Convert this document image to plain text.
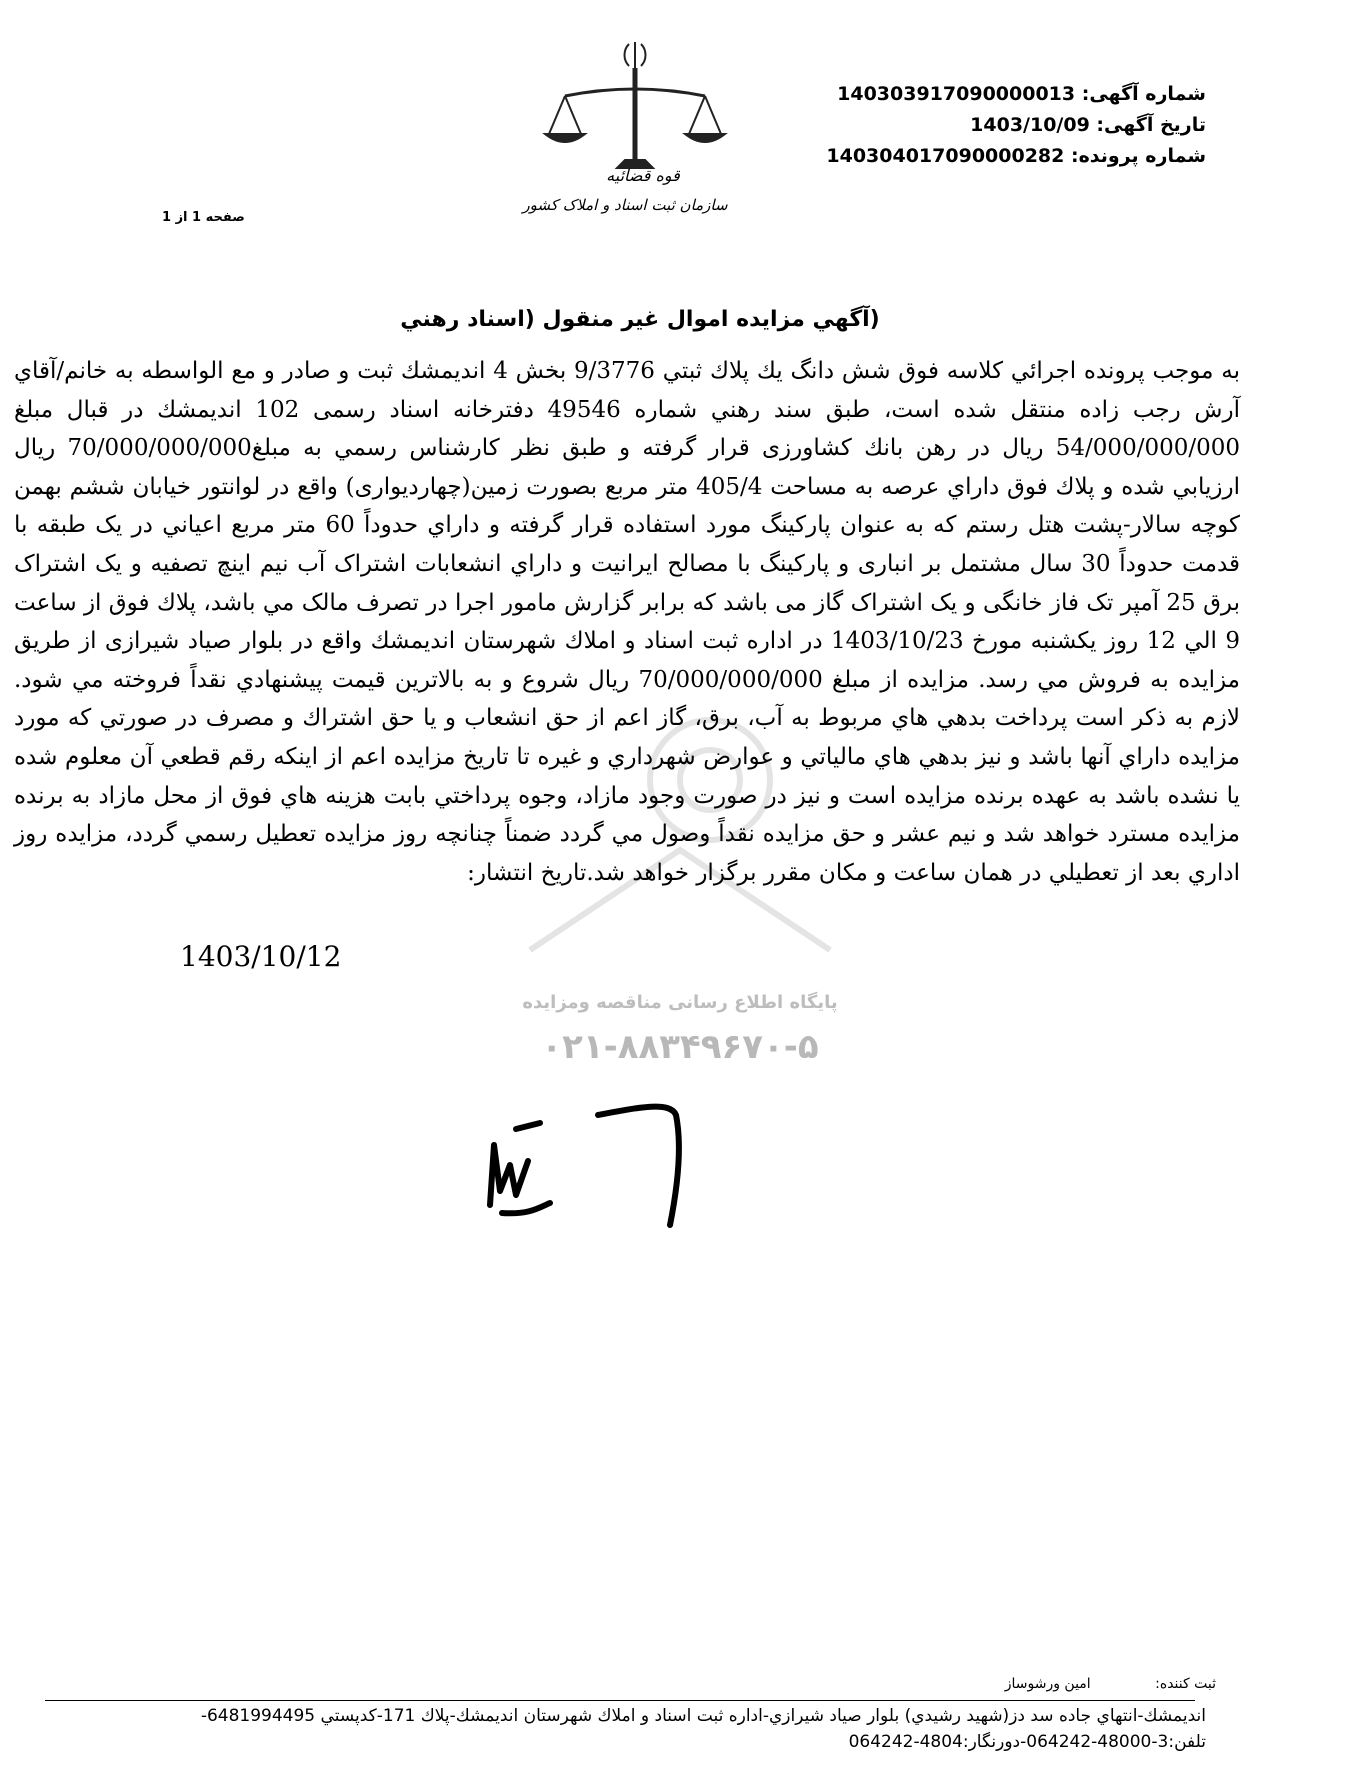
شماره آگهی: 140303917090000013
تاریخ آگهی: 1403/10/09
شماره پرونده: 140304017090000282
قوه قضائیه
سازمان ثبت اسناد و املاک کشور
صفحه 1 از 1
(آگهي مزايده اموال غير منقول (اسناد رهني
پایگاه اطلاع رسانی مناقصه ومزایده
۰۲۱-۸۸۳۴۹۶۷۰-۵
به موجب پرونده اجرائي كلاسه فوق شش دانگ يك پلاك ثبتي 9/3776 بخش 4 انديمشك ثبت و صادر و مع الواسطه به خانم/آقاي آرش رجب زاده منتقل شده است، طبق سند رهني شماره 49546 دفترخانه اسناد رسمی 102 انديمشك در قبال مبلغ 54/000/000/000 ريال در رهن بانك کشاورزی قرار گرفته و طبق نظر كارشناس رسمي به مبلغ70/000/000/000 ريال ارزيابي شده و پلاك فوق داراي عرصه به مساحت 405/4 متر مربع بصورت زمین(چهاردیواری) واقع در لوانتور خیابان ششم بهمن کوچه سالار-پشت هتل رستم که به عنوان پارکینگ مورد استفاده قرار گرفته و داراي حدوداً 60 متر مربع اعياني در یک طبقه با قدمت حدوداً 30 سال مشتمل بر انباری و پارکینگ با مصالح ایرانیت و داراي انشعابات اشتراک آب نیم اینچ تصفیه و یک اشتراک برق 25 آمپر تک فاز خانگی و یک اشتراک گاز می باشد که برابر گزارش مامور اجرا در تصرف مالک مي باشد، پلاك فوق از ساعت 9 الي 12 روز يكشنبه مورخ 1403/10/23 در اداره ثبت اسناد و املاك شهرستان انديمشك واقع در بلوار صیاد شیرازی از طريق مزايده به فروش مي رسد. مزايده از مبلغ 70/000/000/000 ريال شروع و به بالاترين قيمت پيشنهادي نقداً فروخته مي شود. لازم به ذكر است پرداخت بدهي هاي مربوط به آب، برق، گاز اعم از حق انشعاب و يا حق اشتراك و مصرف در صورتي كه مورد مزايده داراي آنها باشد و نيز بدهي هاي مالياتي و عوارض شهرداري و غيره تا تاريخ مزايده اعم از اينكه رقم قطعي آن معلوم شده يا نشده باشد به عهده برنده مزايده است و نيز در صورت وجود مازاد، وجوه پرداختي بابت هزينه هاي فوق از محل مازاد به برنده مزايده مسترد خواهد شد و نيم عشر و حق مزايده نقداً وصول مي گردد ضمناً چنانچه روز مزايده تعطيل رسمي گردد، مزايده روز اداري بعد از تعطيلي در همان ساعت و مكان مقرر برگزار خواهد شد.تاريخ انتشار:
1403/10/12
ثبت كننده: امين ورشوساز
انديمشك-انتهاي جاده سد دز(شهيد رشيدي) بلوار صياد شيرازي-اداره ثبت اسناد و املاك شهرستان انديمشك-پلاك 171-كدپستي 6481994495-
تلفن:3-48000-064242-دورنگار:4804-064242
